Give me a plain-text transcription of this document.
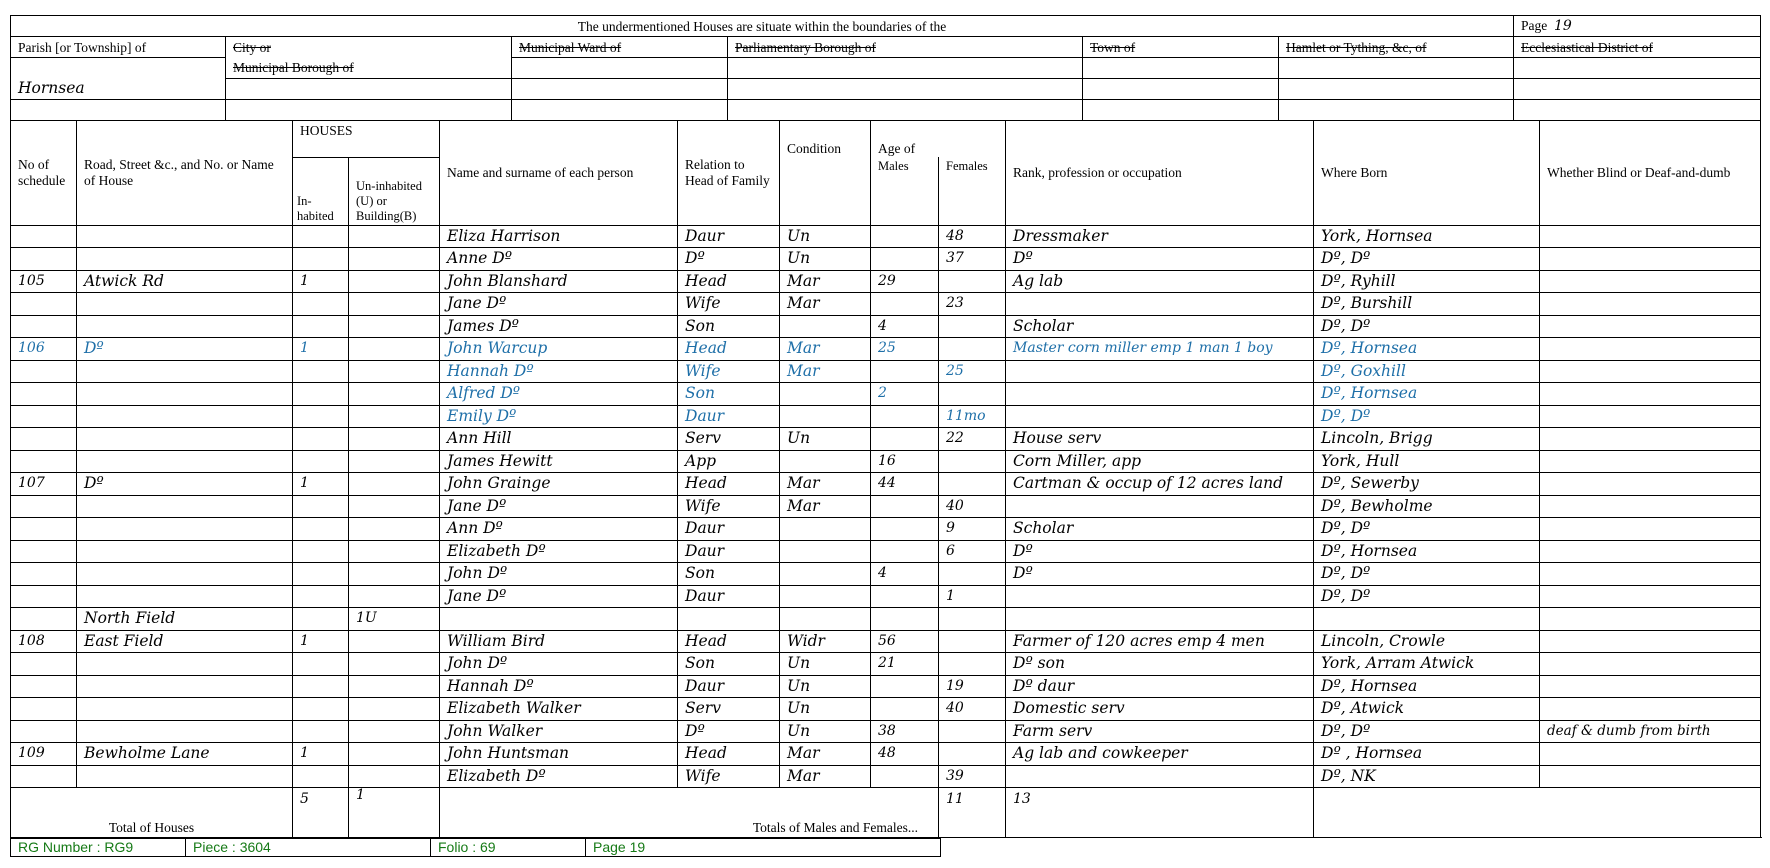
The undermentioned Houses are situate within the boundaries of the						Page 19
Parish [or Township] of	City or	Municipal Ward of	Parliamentary Borough of	Town of	Hamlet or Tything, &c, of	Ecclesiastical District of
	Municipal Borough of					
Hornsea						

No of schedule	Road, Street &c., and No. or Name of House	HOUSES		Name and surname of each person	Relation to Head of Family	Condition	Age of		Rank, profession or occupation	Where Born	Whether Blind or Deaf-and-dumb
		In-habited	Un-inhabited (U) or Building(B)				Males	Females			
				Eliza Harrison	Daur	Un		48	Dressmaker	York, Hornsea	
				Anne Dº	Dº	Un		37	Dº	Dº, Dº	
105	Atwick Rd	1		John Blanshard	Head	Mar	29		Ag lab	Dº, Ryhill	
				Jane Dº	Wife	Mar		23		Dº, Burshill	
				James Dº	Son		4		Scholar	Dº, Dº	
106	Dº	1		John Warcup	Head	Mar	25		Master corn miller emp 1 man 1 boy	Dº, Hornsea	
				Hannah Dº	Wife	Mar		25		Dº, Goxhill	
				Alfred Dº	Son		2			Dº, Hornsea	
				Emily Dº	Daur			11mo		Dº, Dº	
				Ann Hill	Serv	Un		22	House serv	Lincoln, Brigg	
				James Hewitt	App		16		Corn Miller, app	York, Hull	
107	Dº	1		John Grainge	Head	Mar	44		Cartman & occup of 12 acres land	Dº, Sewerby	
				Jane Dº	Wife	Mar		40		Dº, Bewholme	
				Ann Dº	Daur			9	Scholar	Dº, Dº	
				Elizabeth Dº	Daur			6	Dº	Dº, Hornsea	
				John Dº	Son		4		Dº	Dº, Dº	
				Jane Dº	Daur			1		Dº, Dº	
	North Field		1U								
108	East Field	1		William Bird	Head	Widr	56		Farmer of 120 acres emp 4 men	Lincoln, Crowle	
				John Dº	Son	Un	21		Dº son	York, Arram Atwick	
				Hannah Dº	Daur	Un		19	Dº daur	Dº, Hornsea	
				Elizabeth Walker	Serv	Un		40	Domestic serv	Dº, Atwick	
				John Walker	Dº	Un	38		Farm serv	Dº, Dº	deaf & dumb from birth
109	Bewholme Lane	1		John Huntsman	Head	Mar	48		Ag lab and cowkeeper	Dº , Hornsea	
				Elizabeth Dº	Wife	Mar		39		Dº, NK	
Total of Houses		5	1	Totals of Males and Females...				11	13		
RG Number : RG9	Piece : 3604	Folio : 69	Page 19
